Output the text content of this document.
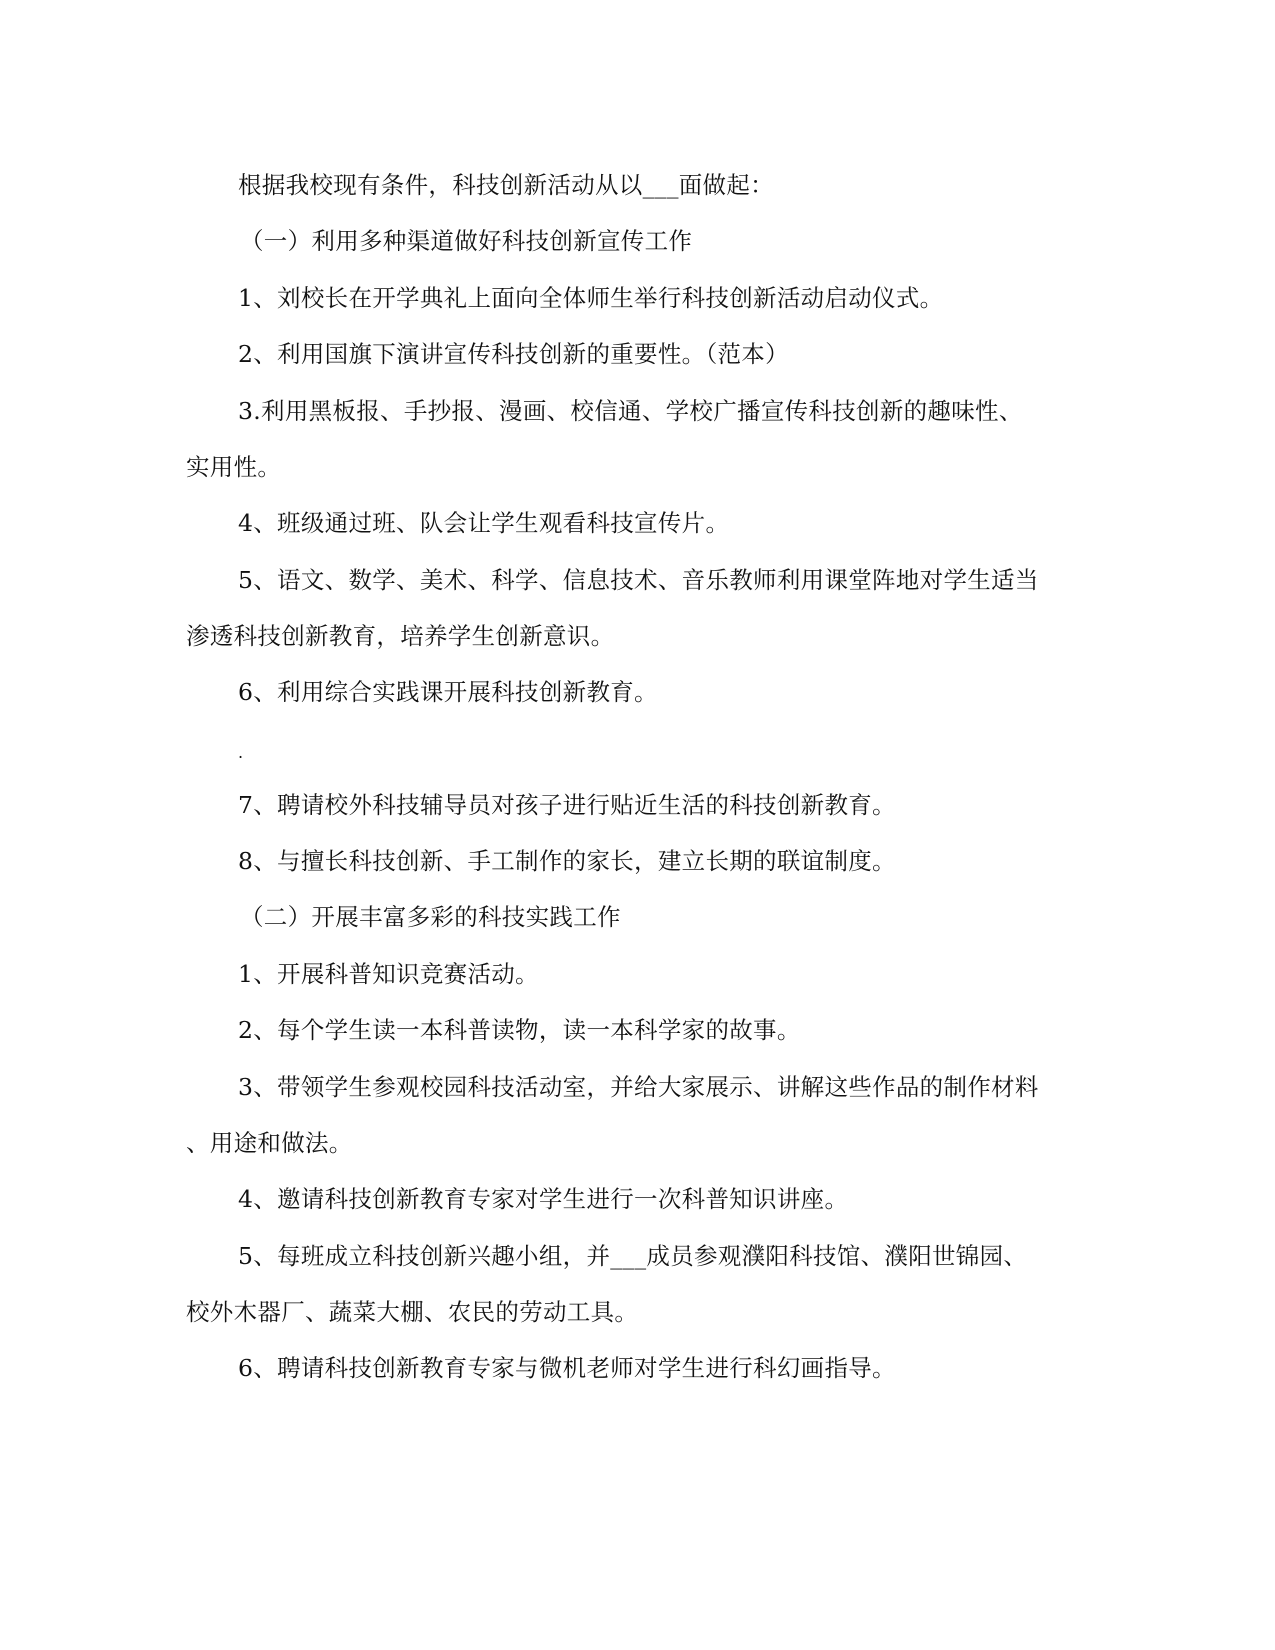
根据我校现有条件，科技创新活动从以___面做起：
（一）利用多种渠道做好科技创新宣传工作
1、刘校长在开学典礼上面向全体师生举行科技创新活动启动仪式。
2、利用国旗下演讲宣传科技创新的重要性。（范本）
3.利用黑板报、手抄报、漫画、校信通、学校广播宣传科技创新的趣味性、
实用性。
4、班级通过班、队会让学生观看科技宣传片。
5、语文、数学、美术、科学、信息技术、音乐教师利用课堂阵地对学生适当
渗透科技创新教育，培养学生创新意识。
6、利用综合实践课开展科技创新教育。
.
7、聘请校外科技辅导员对孩子进行贴近生活的科技创新教育。
8、与擅长科技创新、手工制作的家长，建立长期的联谊制度。
（二）开展丰富多彩的科技实践工作
1、开展科普知识竞赛活动。
2、每个学生读一本科普读物，读一本科学家的故事。
3、带领学生参观校园科技活动室，并给大家展示、讲解这些作品的制作材料
、用途和做法。
4、邀请科技创新教育专家对学生进行一次科普知识讲座。
5、每班成立科技创新兴趣小组，并___成员参观濮阳科技馆、濮阳世锦园、
校外木器厂、蔬菜大棚、农民的劳动工具。
6、聘请科技创新教育专家与微机老师对学生进行科幻画指导。
